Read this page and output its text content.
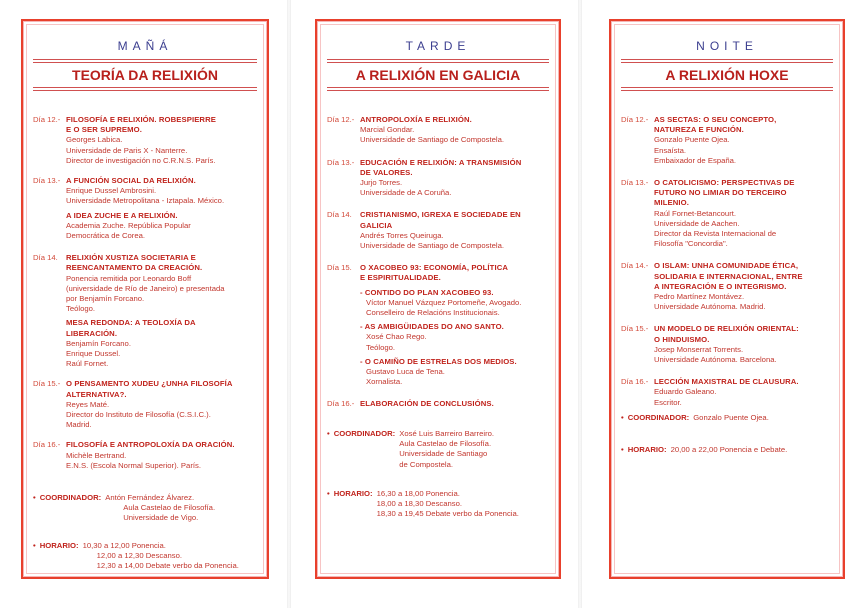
MAÑÁ
TEORÍA DA RELIXIÓN
Día 12.- FILOSOFÍA E RELIXIÓN. ROBESPIERRE
E O SER SUPREMO.
Georges Labica.
Universidade de Paris X - Nanterre.
Director de investigación no C.R.N.S. París.
Día 13.- A FUNCIÓN SOCIAL DA RELIXIÓN.
Enrique Dussel Ambrosini.
Universidade Metropolitana - Iztapala. México.
A IDEA ZUCHE E A RELIXIÓN.
Academia Zuche. República Popular
Democrática de Corea.
Día 14.	RELIXIÓN XUSTIZA SOCIETARIA E
REENCANTAMENTO DA CREACIÓN.
Ponencia remitida por Leonardo Boff
(universidade de Río de Janeiro) e presentada
por Benjamín Forcano.
Teólogo.
MESA REDONDA: A TEOLOXÍA DA
LIBERACIÓN.
Benjamín Forcano.
Enrique Dussel.
Raúl Fornet.
Día 15.- O PENSAMENTO XUDEU ¿UNHA FILOSOFÍA
ALTERNATIVA?.
Reyes Maté.
Director do Instituto de Filosofía (C.S.I.C.).
Madrid.
Día 16.- FILOSOFÍA E ANTROPOLOXÍA DA ORACIÓN.
Michèle Bertrand.
E.N.S. (Escola Normal Superior). París.
• COORDINADOR: Antón Fernández Álvarez.
Aula Castelao de Filosofía.
Universidade de Vigo.
• HORARIO: 10,30 a 12,00 Ponencia.
12,00 a 12,30 Descanso.
12,30 a 14,00 Debate verbo da Ponencia.
TARDE
A RELIXIÓN EN GALICIA
Día 12.- ANTROPOLOXÍA E RELIXIÓN.
Marcial Gondar.
Universidade de Santiago de Compostela.
Día 13.- EDUCACIÓN E RELIXIÓN: A TRANSMISIÓN
DE VALORES.
Jurjo Torres.
Universidade de A Coruña.
Día 14.	CRISTIANISMO, IGREXA E SOCIEDADE EN
GALICIA
Andrés Torres Queiruga.
Universidade de Santiago de Compostela.
Día 15.	O XACOBEO 93: ECONOMÍA, POLÍTICA
E ESPIRITUALIDADE.
- CONTIDO DO PLAN XACOBEO 93.
Víctor Manuel Vázquez Portomeñe, Avogado.
Conselleiro de Relacións Institucionais.
- AS AMBIGÜIDADES DO ANO SANTO.
Xosé Chao Rego.
Teólogo.
- O CAMIÑO DE ESTRELAS DOS MEDIOS.
Gustavo Luca de Tena.
Xornalista.
Día 16.- ELABORACIÓN DE CONCLUSIÓNS.
• COORDINADOR: Xosé Luis Barreiro Barreiro.
Aula Castelao de Filosofía.
Universidade de Santiago
de Compostela.
• HORARIO: 16,30 a 18,00 Ponencia.
18,00 a 18,30 Descanso.
18,30 a 19,45 Debate verbo da Ponencia.
NOITE
A RELIXIÓN HOXE
Día 12.- AS SECTAS: O SEU CONCEPTO,
NATUREZA E FUNCIÓN.
Gonzalo Puente Ojea.
Ensaísta.
Embaixador de España.
Día 13.- O CATOLICISMO: PERSPECTIVAS DE
FUTURO NO LIMIAR DO TERCEIRO
MILENIO.
Raúl Fornet-Betancourt.
Universidade de Aachen.
Director da Revista Internacional de
Filosofía "Concordia".
Día 14.- O ISLAM: UNHA COMUNIDADE ÉTICA,
SOLIDARIA E INTERNACIONAL, ENTRE
A INTEGRACIÓN E O INTEGRISMO.
Pedro Martínez Montávez.
Universidade Autónoma. Madrid.
Día 15.- UN MODELO DE RELIXIÓN ORIENTAL:
O HINDUISMO.
Josep Monserrat Torrents.
Universidade Autónoma. Barcelona.
Día 16.- LECCIÓN MAXISTRAL DE CLAUSURA.
Eduardo Galeano.
Escritor.
• COORDINADOR: Gonzalo Puente Ojea.
• HORARIO: 20,00 a 22,00 Ponencia e Debate.
